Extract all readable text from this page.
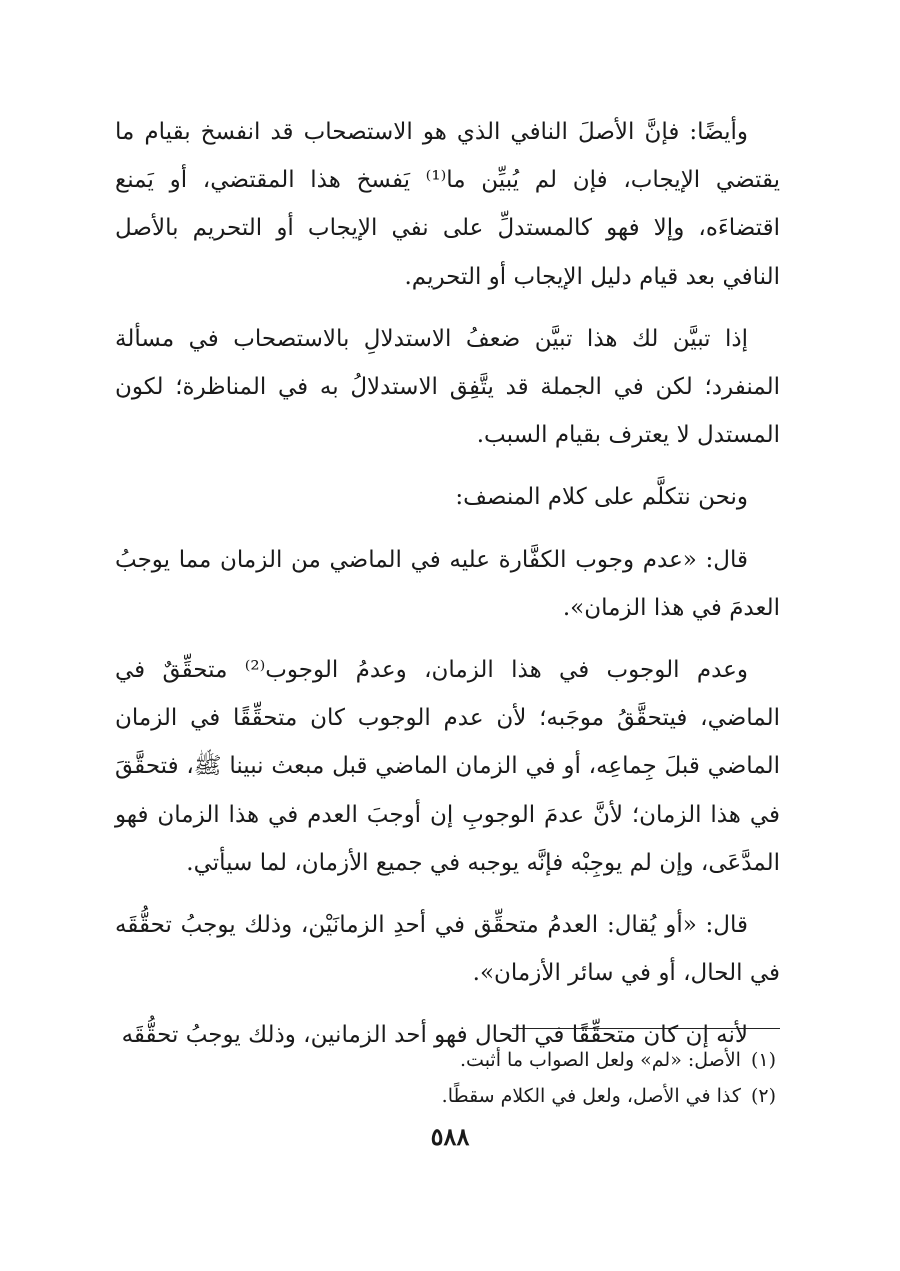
وأيضًا: فإنَّ الأصلَ النافي الذي هو الاستصحاب قد انفسخ بقيام ما يقتضي الإيجاب، فإن لم يُبيِّن ما⁽¹⁾ يَفسخ هذا المقتضي، أو يَمنع اقتضاءَه، وإلا فهو كالمستدلِّ على نفي الإيجاب أو التحريم بالأصل النافي بعد قيام دليل الإيجاب أو التحريم.

إذا تبيَّن لك هذا تبيَّن ضعفُ الاستدلالِ بالاستصحاب في مسألة المنفرد؛ لكن في الجملة قد يتَّفِق الاستدلالُ به في المناظرة؛ لكون المستدل لا يعترف بقيام السبب.

ونحن نتكلَّم على كلام المنصف:

قال: «عدم وجوب الكفَّارة عليه في الماضي من الزمان مما يوجبُ العدمَ في هذا الزمان».

وعدم الوجوب في هذا الزمان، وعدمُ الوجوب⁽²⁾ متحقِّقٌ في الماضي، فيتحقَّقُ موجَبه؛ لأن عدم الوجوب كان متحقِّقًا في الزمان الماضي قبلَ جِماعِه، أو في الزمان الماضي قبل مبعث نبينا ﷺ، فتحقَّقَ في هذا الزمان؛ لأنَّ عدمَ الوجوبِ إن أوجبَ العدم في هذا الزمان فهو المدَّعَى، وإن لم يوجِبْه فإنَّه يوجبه في جميع الأزمان، لما سيأتي.

قال: «أو يُقال: العدمُ متحقِّق في أحدِ الزمانَيْن، وذلك يوجبُ تحقُّقَه في الحال، أو في سائر الأزمان».

لأنه إن كان متحقِّقًا في الحال فهو أحد الزمانين، وذلك يوجبُ تحقُّقَه

(١)الأصل: «لم» ولعل الصواب ما أثبت.

(٢)كذا في الأصل، ولعل في الكلام سقطًا.

٥٨٨
